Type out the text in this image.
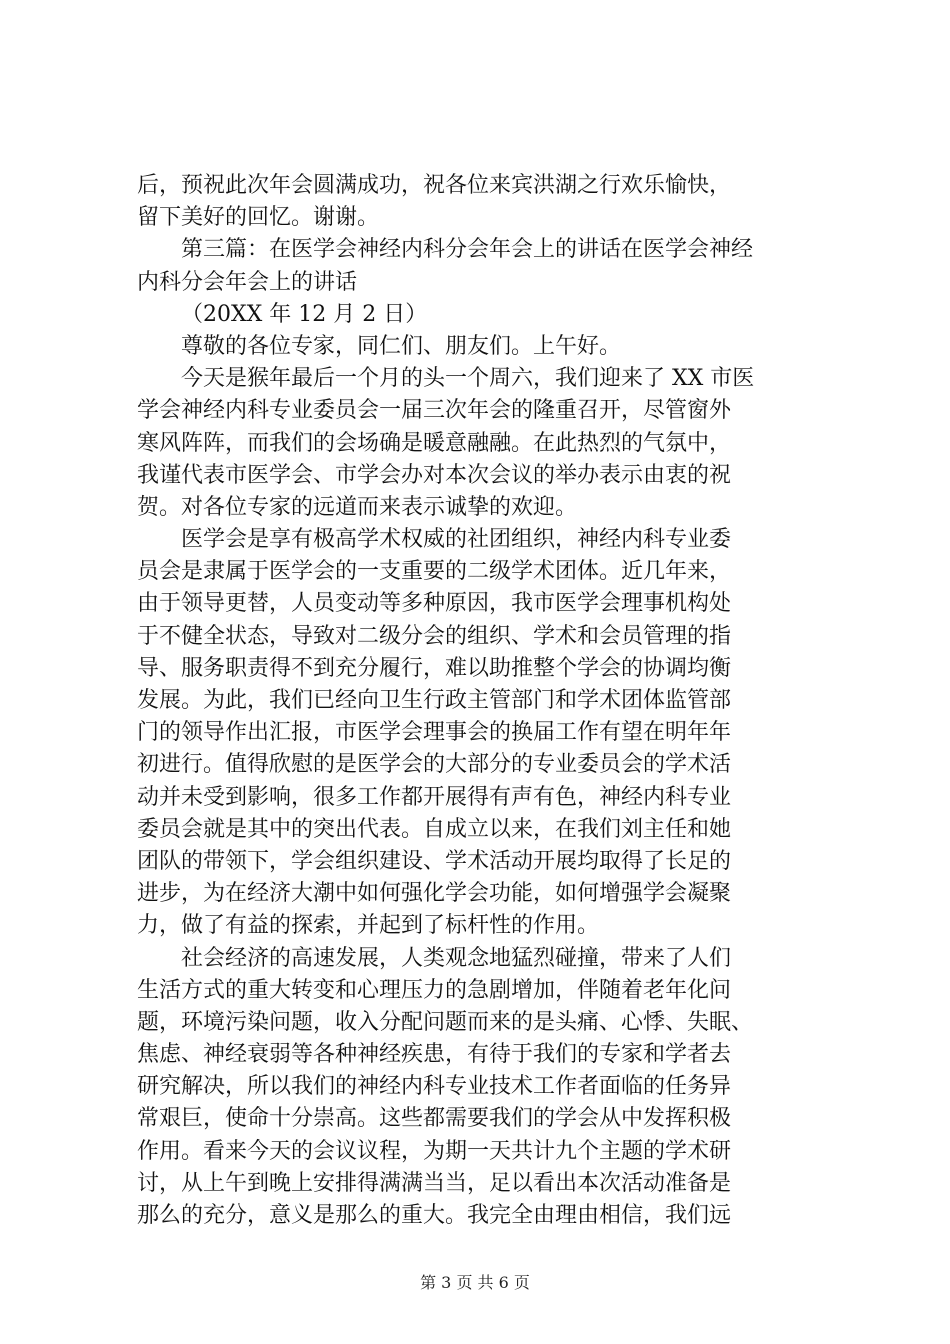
后，预祝此次年会圆满成功，祝各位来宾洪湖之行欢乐愉快，
留下美好的回忆。谢谢。
第三篇：在医学会神经内科分会年会上的讲话在医学会神经
内科分会年会上的讲话
（20XX 年 12 月 2 日）
尊敬的各位专家，同仁们、朋友们。上午好。
今天是猴年最后一个月的头一个周六，我们迎来了 XX 市医
学会神经内科专业委员会一届三次年会的隆重召开，尽管窗外
寒风阵阵，而我们的会场确是暖意融融。在此热烈的气氛中，
我谨代表市医学会、市学会办对本次会议的举办表示由衷的祝
贺。对各位专家的远道而来表示诚挚的欢迎。
医学会是享有极高学术权威的社团组织，神经内科专业委
员会是隶属于医学会的一支重要的二级学术团体。近几年来，
由于领导更替，人员变动等多种原因，我市医学会理事机构处
于不健全状态，导致对二级分会的组织、学术和会员管理的指
导、服务职责得不到充分履行，难以助推整个学会的协调均衡
发展。为此，我们已经向卫生行政主管部门和学术团体监管部
门的领导作出汇报，市医学会理事会的换届工作有望在明年年
初进行。值得欣慰的是医学会的大部分的专业委员会的学术活
动并未受到影响，很多工作都开展得有声有色，神经内科专业
委员会就是其中的突出代表。自成立以来，在我们刘主任和她
团队的带领下，学会组织建设、学术活动开展均取得了长足的
进步，为在经济大潮中如何强化学会功能，如何增强学会凝聚
力，做了有益的探索，并起到了标杆性的作用。
社会经济的高速发展，人类观念地猛烈碰撞，带来了人们
生活方式的重大转变和心理压力的急剧增加，伴随着老年化问
题，环境污染问题，收入分配问题而来的是头痛、心悸、失眠、
焦虑、神经衰弱等各种神经疾患，有待于我们的专家和学者去
研究解决，所以我们的神经内科专业技术工作者面临的任务异
常艰巨，使命十分崇高。这些都需要我们的学会从中发挥积极
作用。看来今天的会议议程，为期一天共计九个主题的学术研
讨，从上午到晚上安排得满满当当，足以看出本次活动准备是
那么的充分，意义是那么的重大。我完全由理由相信，我们远
第 3 页 共 6 页
